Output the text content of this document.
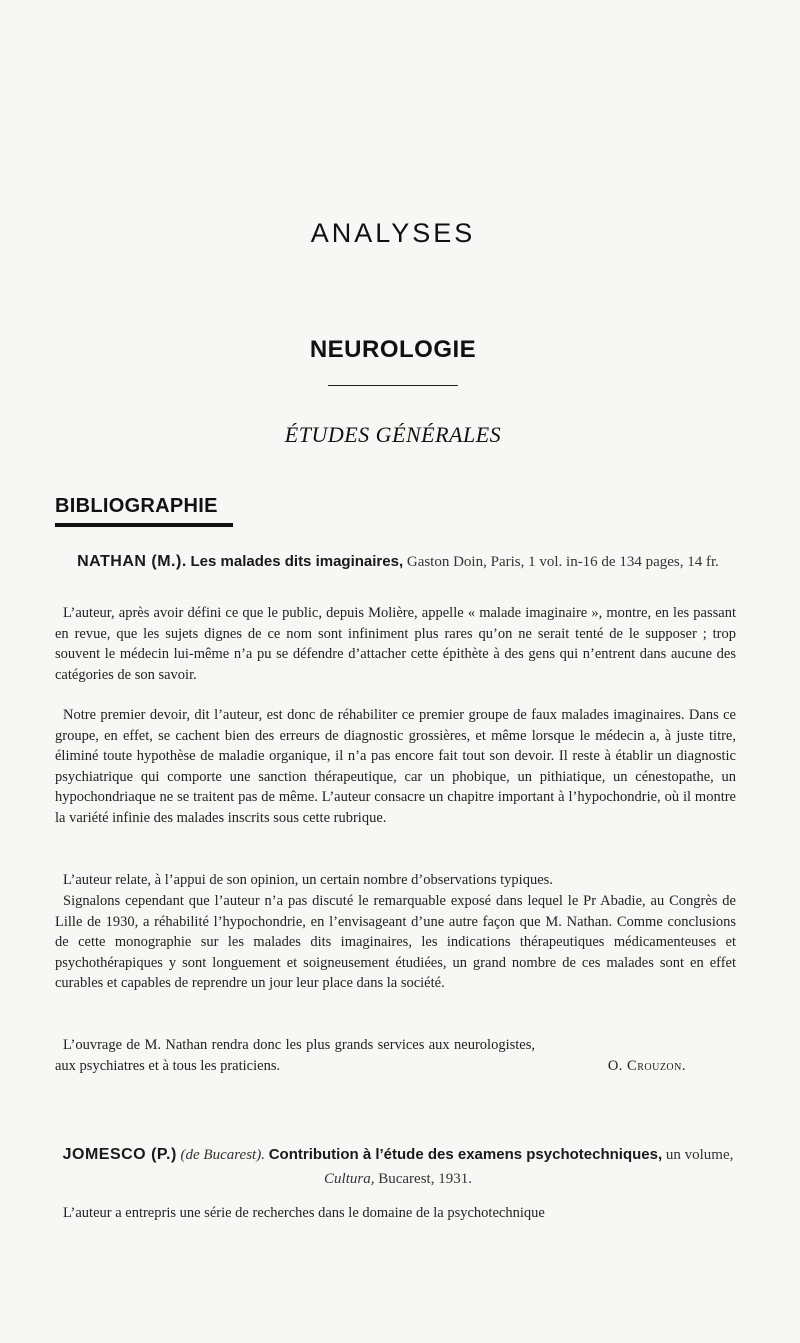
ANALYSES
NEUROLOGIE
ÉTUDES GÉNÉRALES
BIBLIOGRAPHIE
NATHAN (M.). Les malades dits imaginaires, Gaston Doin, Paris, 1 vol. in-16 de 134 pages, 14 fr.

L’auteur, après avoir défini ce que le public, depuis Molière, appelle « malade imaginaire », montre, en les passant en revue, que les sujets dignes de ce nom sont infiniment plus rares qu’on ne serait tenté de le supposer ; trop souvent le médecin lui-même n’a pu se défendre d’attacher cette épithète à des gens qui n’entrent dans aucune des catégories de son savoir.

Notre premier devoir, dit l’auteur, est donc de réhabiliter ce premier groupe de faux malades imaginaires. Dans ce groupe, en effet, se cachent bien des erreurs de diagnostic grossières, et même lorsque le médecin a, à juste titre, éliminé toute hypothèse de maladie organique, il n’a pas encore fait tout son devoir. Il reste à établir un diagnostic psychiatrique qui comporte une sanction thérapeutique, car un phobique, un pithiatique, un cénestopathe, un hypochondriaque ne se traitent pas de même. L’auteur consacre un chapitre important à l’hypochondrie, où il montre la variété infinie des malades inscrits sous cette rubrique.

L’auteur relate, à l’appui de son opinion, un certain nombre d’observations typiques.

Signalons cependant que l’auteur n’a pas discuté le remarquable exposé dans lequel le Pr Abadie, au Congrès de Lille de 1930, a réhabilité l’hypochondrie, en l’envisageant d’une autre façon que M. Nathan. Comme conclusions de cette monographie sur les malades dits imaginaires, les indications thérapeutiques médicamenteuses et psychothérapiques y sont longuement et soigneusement étudiées, un grand nombre de ces malades sont en effet curables et capables de reprendre un jour leur place dans la société.

L’ouvrage de M. Nathan rendra donc les plus grands services aux neurologistes, aux psychiatres et à tous les praticiens.	O. Crouzon.
JOMESCO (P.) (de Bucarest). Contribution à l’étude des examens psychotechniques, un volume, Cultura, Bucarest, 1931.

L’auteur a entrepris une série de recherches dans le domaine de la psychotechnique
